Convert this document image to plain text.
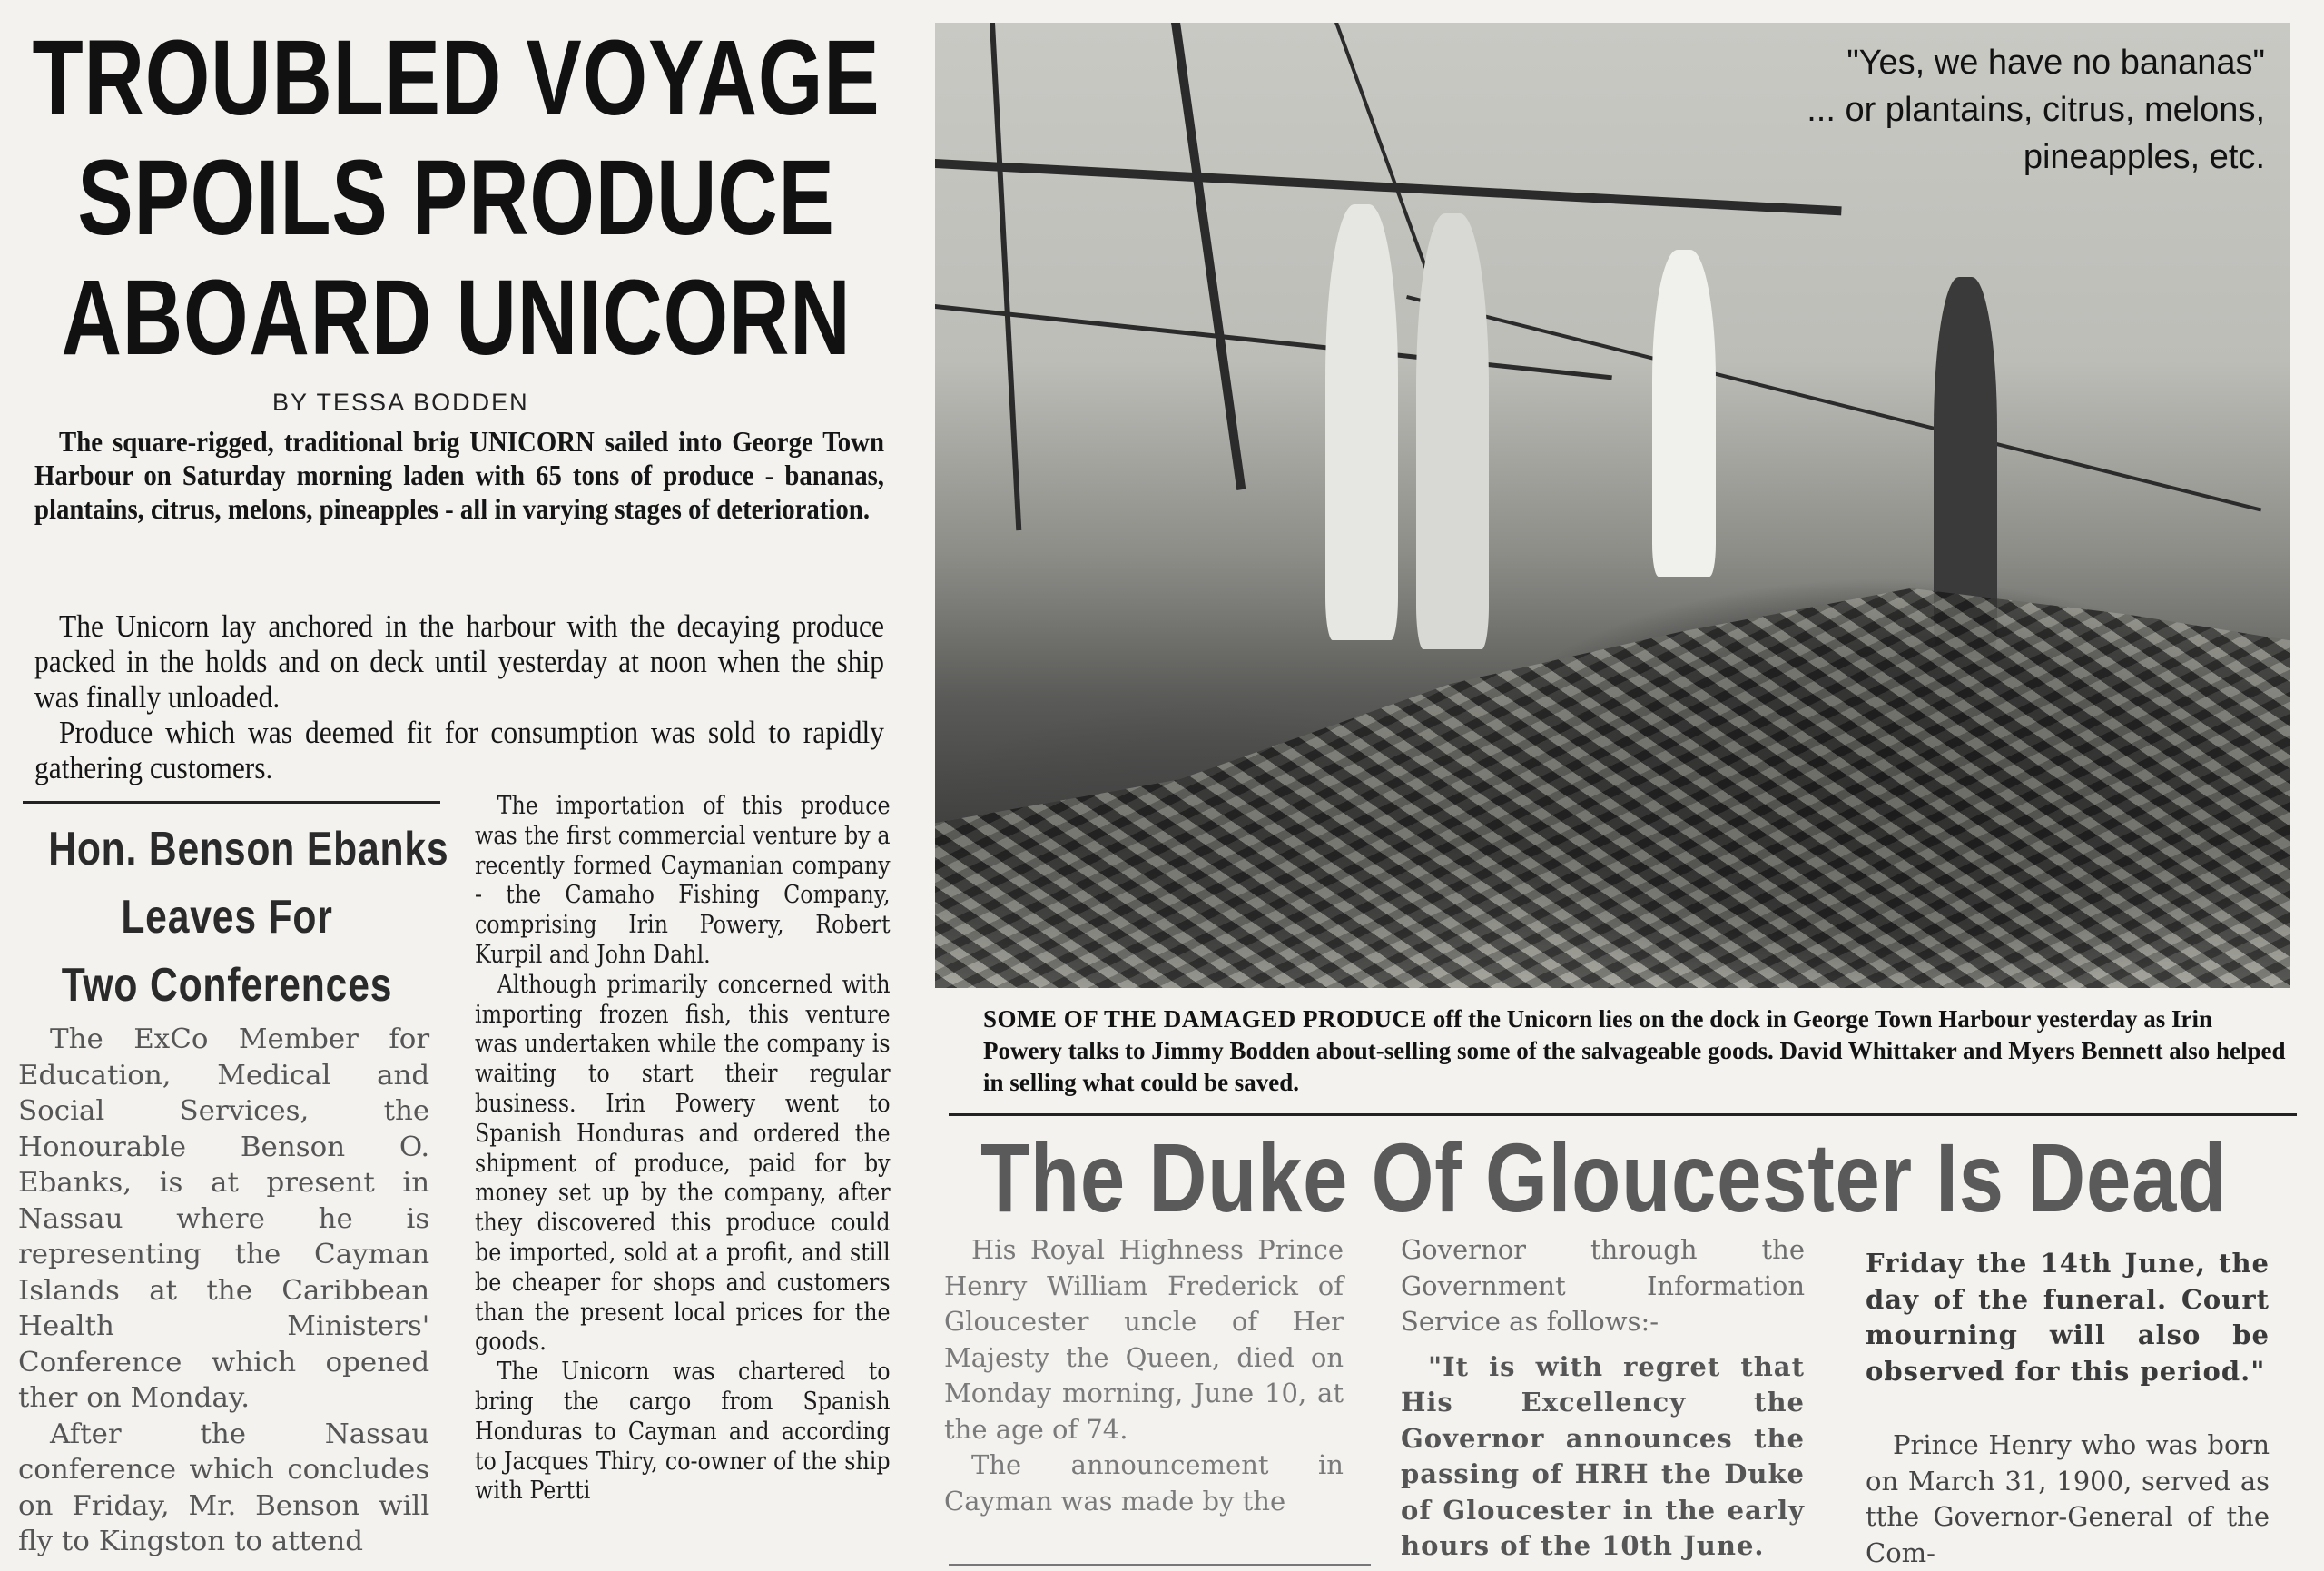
TROUBLED VOYAGE
SPOILS PRODUCE
ABOARD UNICORN
BY TESSA BODDEN

The square-rigged, traditional brig UNICORN sailed into George Town Harbour on Saturday morning laden with 65 tons of produce - bananas, plantains, citrus, melons, pineapples - all in varying stages of deterioration.

The Unicorn lay anchored in the harbour with the decaying produce packed in the holds and on deck until yesterday at noon when the ship was finally unloaded.

Produce which was deemed fit for consumption was sold to rapidly gathering customers.

Hon. Benson Ebanks
Leaves For
Two Conferences

The ExCo Member for Education, Medical and Social Services, the Honourable Benson O. Ebanks, is at present in Nassau where he is representing the Cayman Islands at the Caribbean Health Ministers' Conference which opened ther on Monday.

After the Nassau conference which concludes on Friday, Mr. Benson will fly to Kingston to attend

The importation of this produce was the first commercial venture by a recently formed Caymanian company - the Camaho Fishing Company, comprising Irin Powery, Robert Kurpil and John Dahl.

Although primarily concerned with importing frozen fish, this venture was undertaken while the company is waiting to start their regular business. Irin Powery went to Spanish Honduras and ordered the shipment of produce, paid for by money set up by the company, after they discovered this produce could be imported, sold at a profit, and still be cheaper for shops and customers than the present local prices for the goods.

The Unicorn was chartered to bring the cargo from Spanish Honduras to Cayman and according to Jacques Thiry, co-owner of the ship with Pertti

"Yes, we have no bananas"
... or plantains, citrus, melons,
pineapples, etc.
SOME OF THE DAMAGED PRODUCE off the Unicorn lies on the dock in George Town Harbour yesterday as Irin Powery talks to Jimmy Bodden about-selling some of the salvageable goods. David Whittaker and Myers Bennett also helped in selling what could be saved.
The Duke Of Gloucester Is Dead

His Royal Highness Prince Henry William Frederick of Gloucester uncle of Her Majesty the Queen, died on Monday morning, June 10, at the age of 74.

The announcement in Cayman was made by the

Governor through the Government Information Service as follows:-

"It is with regret that His Excellency the Governor announces the passing of HRH the Duke of Gloucester in the early hours of the 10th June.

Friday the 14th June, the day of the funeral. Court mourning will also be observed for this period."

Prince Henry who was born on March 31, 1900, served as tthe Governor-General of the Com-
